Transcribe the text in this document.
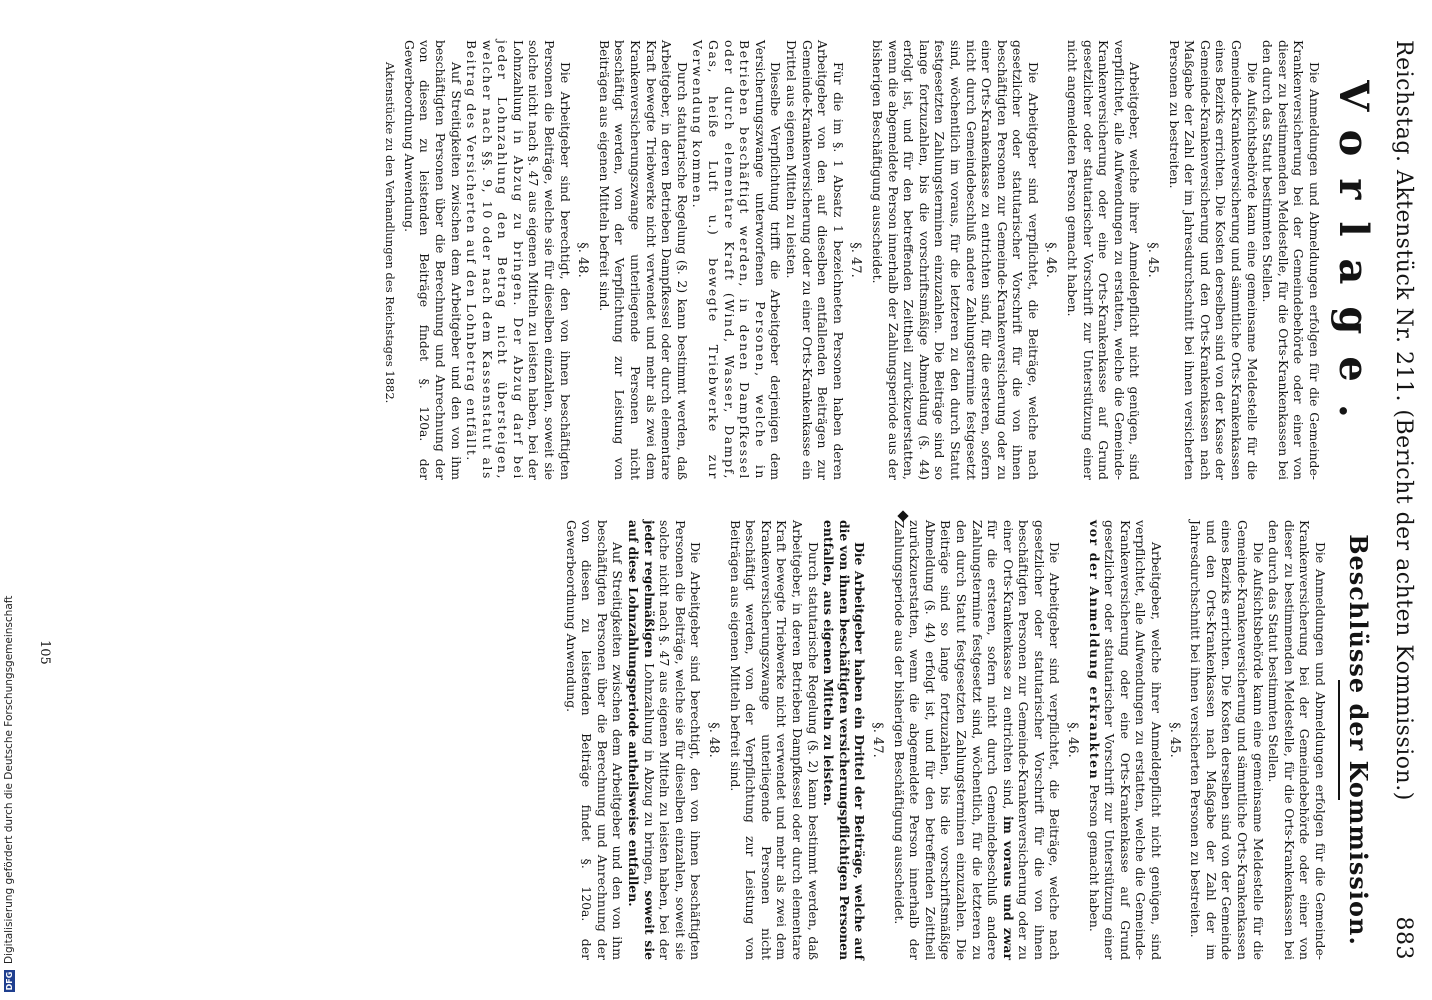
Reichstag. Aktenstück Nr. 211. (Bericht der achten Kommission.)
883
Vorlage.

Die Anmeldungen und Abmeldungen erfolgen für die Gemeinde-Krankenversicherung bei der Gemeindebehörde oder einer von dieser zu bestimmenden Meldestelle, für die Orts-Krankenkassen bei den durch das Statut bestimmten Stellen.

Die Aufsichtsbehörde kann eine gemeinsame Meldestelle für die Gemeinde-Krankenversicherung und sämmtliche Orts-Krankenkassen eines Bezirks errichten. Die Kosten derselben sind von der Kasse der Gemeinde-Krankenversicherung und den Orts-Krankenkassen nach Maßgabe der Zahl der im Jahresdurchschnitt bei ihnen versicherten Personen zu bestreiten.

§. 45.

Arbeitgeber, welche ihrer Anmeldepflicht nicht genügen, sind verpflichtet, alle Aufwendungen zu erstatten, welche die Gemeinde-Krankenversicherung oder eine Orts-Krankenkasse auf Grund gesetzlicher oder statutarischer Vorschrift zur Unterstützung einer nicht angemeldeten Person gemacht haben.

§. 46.

Die Arbeitgeber sind verpflichtet, die Beiträge, welche nach gesetzlicher oder statutarischer Vorschrift für die von ihnen beschäftigten Personen zur Gemeinde-Krankenversicherung oder zu einer Orts-Krankenkasse zu entrichten sind, für die ersteren, sofern nicht durch Gemeindebeschluß andere Zahlungstermine festgesetzt sind, wöchentlich im voraus, für die letzteren zu den durch Statut festgesetzten Zahlungsterminen einzuzahlen. Die Beiträge sind so lange fortzuzahlen, bis die vorschriftsmäßige Abmeldung (§. 44) erfolgt ist, und für den betreffenden Zeittheil zurückzuerstatten, wenn die abgemeldete Person innerhalb der Zahlungsperiode aus der bisherigen Beschäftigung ausscheidet.

§. 47.

Für die im §. 1 Absatz 1 bezeichneten Personen haben deren Arbeitgeber von den auf dieselben entfallenden Beiträgen zur Gemeinde-Krankenversicherung oder zu einer Orts-Krankenkasse ein Drittel aus eigenen Mitteln zu leisten.

Dieselbe Verpflichtung trifft die Arbeitgeber derjenigen dem Versicherungszwange unterworfenen Personen, welche in Betrieben beschäftigt werden, in denen Dampfkessel oder durch elementare Kraft (Wind, Wasser, Dampf, Gas, heiße Luft u.) bewegte Triebwerke zur Verwendung kommen.

Durch statutarische Regelung (§. 2) kann bestimmt werden, daß Arbeitgeber, in deren Betrieben Dampfkessel oder durch elementare Kraft bewegte Triebwerke nicht verwendet und mehr als zwei dem Krankenversicherungszwange unterliegende Personen nicht beschäftigt werden, von der Verpflichtung zur Leistung von Beiträgen aus eigenen Mitteln befreit sind.

§. 48.

Die Arbeitgeber sind berechtigt, den von ihnen beschäftigten Personen die Beiträge, welche sie für dieselben einzahlen, soweit sie solche nicht nach §. 47 aus eigenen Mitteln zu leisten haben, bei der Lohnzahlung in Abzug zu bringen. Der Abzug darf bei jeder Lohnzahlung den Betrag nicht übersteigen, welcher nach §§. 9, 10 oder nach dem Kassenstatut als Beitrag des Versicherten auf den Lohnbetrag entfällt.

Auf Streitigkeiten zwischen dem Arbeitgeber und den von ihm beschäftigten Personen über die Berechnung und Anrechnung der von diesen zu leistenden Beiträge findet §. 120a. der Gewerbeordnung Anwendung.

Aktenstücke zu den Verhandlungen des Reichstages 1882.

Beschlüsse der Kommission.

Die Anmeldungen und Abmeldungen erfolgen für die Gemeinde-Krankenversicherung bei der Gemeindebehörde oder einer von dieser zu bestimmenden Meldestelle, für die Orts-Krankenkassen bei den durch das Statut bestimmten Stellen.

Die Aufsichtsbehörde kann eine gemeinsame Meldestelle für die Gemeinde-Krankenversicherung und sämmtliche Orts-Krankenkassen eines Bezirks errichten. Die Kosten derselben sind von der Gemeinde und den Orts-Krankenkassen nach Maßgabe der Zahl der im Jahresdurchschnitt bei ihnen versicherten Personen zu bestreiten.

§. 45.

Arbeitgeber, welche ihrer Anmeldepflicht nicht genügen, sind verpflichtet, alle Aufwendungen zu erstatten, welche die Gemeinde-Krankenversicherung oder eine Orts-Krankenkasse auf Grund gesetzlicher oder statutarischer Vorschrift zur Unterstützung einer vor der Anmeldung erkrankten Person gemacht haben.

§. 46.

Die Arbeitgeber sind verpflichtet, die Beiträge, welche nach gesetzlicher oder statutarischer Vorschrift für die von ihnen beschäftigten Personen zur Gemeinde-Krankenversicherung oder zu einer Orts-Krankenkasse zu entrichten sind, im voraus und zwar für die ersteren, sofern nicht durch Gemeindebeschluß andere Zahlungstermine festgesetzt sind, wöchentlich, für die letzteren zu den durch Statut festgesetzten Zahlungsterminen einzuzahlen. Die Beiträge sind so lange fortzuzahlen, bis die vorschriftsmäßige Abmeldung (§. 44) erfolgt ist, und für den betreffenden Zeittheil zurückzuerstatten, wenn die abgemeldete Person innerhalb der Zahlungsperiode aus der bisherigen Beschäftigung ausscheidet.

§. 47.

Die Arbeitgeber haben ein Drittel der Beiträge, welche auf die von ihnen beschäftigten versicherungspflichtigen Personen entfallen, aus eigenen Mitteln zu leisten.

Durch statutarische Regelung (§. 2) kann bestimmt werden, daß Arbeitgeber, in deren Betrieben Dampfkessel oder durch elementare Kraft bewegte Triebwerke nicht verwendet und mehr als zwei dem Krankenversicherungszwange unterliegende Personen nicht beschäftigt werden, von der Verpflichtung zur Leistung von Beiträgen aus eigenen Mitteln befreit sind.

§. 48.

Die Arbeitgeber sind berechtigt, den von ihnen beschäftigten Personen die Beiträge, welche sie für dieselben einzahlen, soweit sie solche nicht nach §. 47 aus eigenen Mitteln zu leisten haben, bei der jeder regelmäßigen Lohnzahlung in Abzug zu bringen, soweit sie auf diese Lohnzahlungsperiode antheilsweise entfallen.

Auf Streitigkeiten zwischen dem Arbeitgeber und den von ihm beschäftigten Personen über die Berechnung und Anrechnung der von diesen zu leistenden Beiträge findet §. 120a. der Gewerbeordnung Anwendung.

105
DFG
Digitalisierung gefördert durch die Deutsche Forschungsgemeinschaft
